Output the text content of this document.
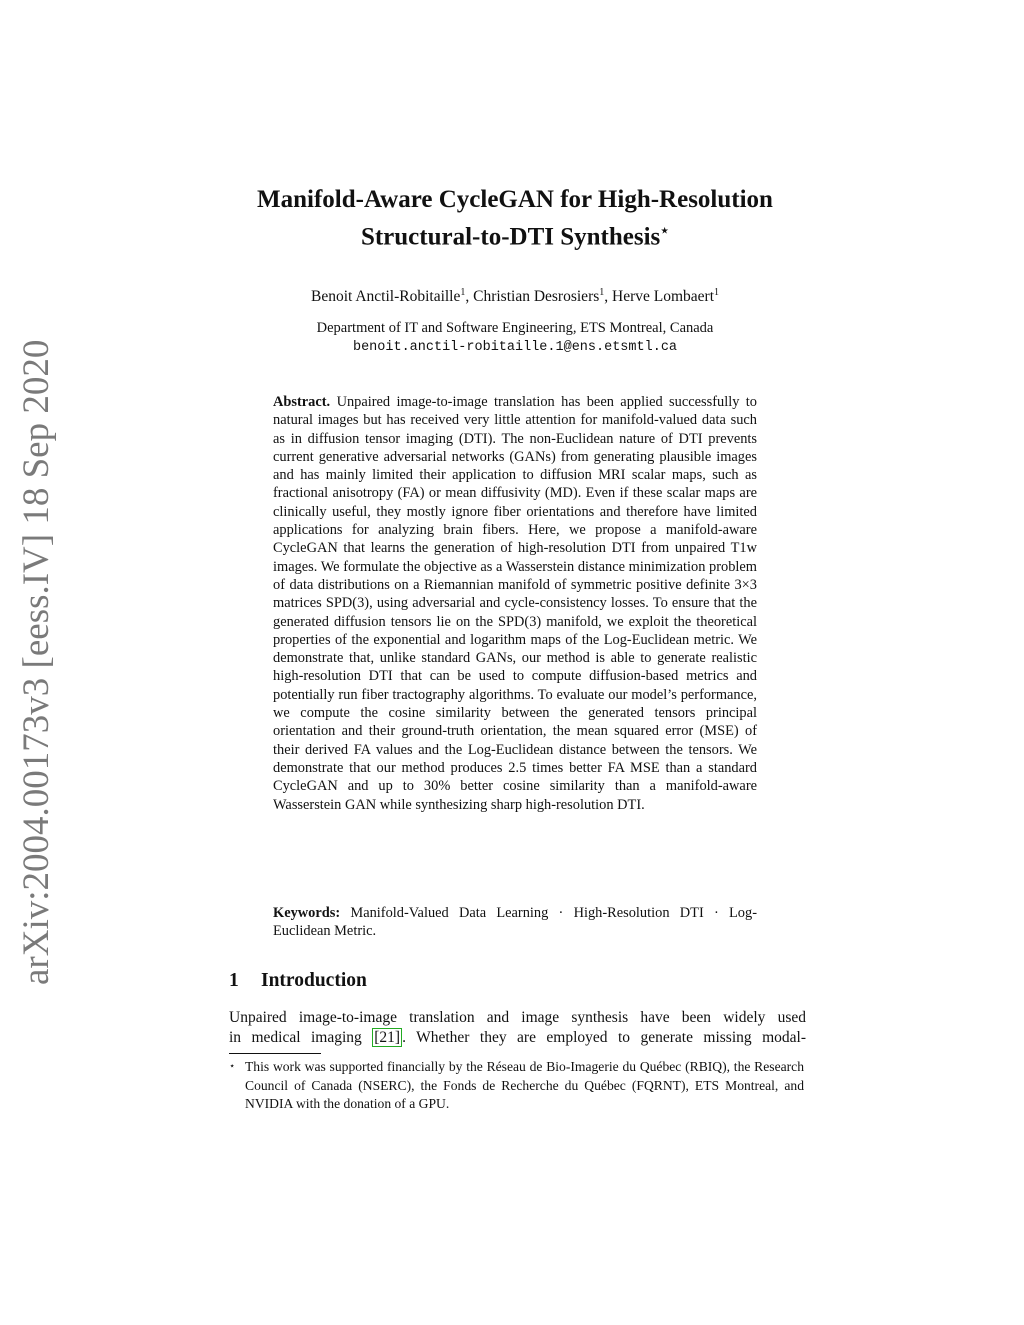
arXiv:2004.00173v3 [eess.IV] 18 Sep 2020
Manifold-Aware CycleGAN for High-Resolution
Structural-to-DTI Synthesis⋆
Benoit Anctil-Robitaille$^1$, Christian Desrosiers$^1$, Herve Lombaert$^1$
Department of IT and Software Engineering, ETS Montreal, Canada
benoit.anctil-robitaille.1@ens.etsmtl.ca
Abstract. Unpaired image-to-image translation has been applied successfully to natural images but has received very little attention for manifold-valued data such as in diffusion tensor imaging (DTI). The non-Euclidean nature of DTI prevents current generative adversarial networks (GANs) from generating plausible images and has mainly limited their application to diffusion MRI scalar maps, such as fractional anisotropy (FA) or mean diffusivity (MD). Even if these scalar maps are clinically useful, they mostly ignore fiber orientations and therefore have limited applications for analyzing brain fibers. Here, we propose a manifold-aware CycleGAN that learns the generation of high-resolution DTI from unpaired T1w images. We formulate the objective as a Wasserstein distance minimization problem of data distributions on a Riemannian manifold of symmetric positive definite 3×3 matrices SPD(3), using adversarial and cycle-consistency losses. To ensure that the generated diffusion tensors lie on the SPD(3) manifold, we exploit the theoretical properties of the exponential and logarithm maps of the Log-Euclidean metric. We demonstrate that, unlike standard GANs, our method is able to generate realistic high-resolution DTI that can be used to compute diffusion-based metrics and potentially run fiber tractography algorithms. To evaluate our model’s performance, we compute the cosine similarity between the generated tensors principal orientation and their ground-truth orientation, the mean squared error (MSE) of their derived FA values and the Log-Euclidean distance between the tensors. We demonstrate that our method produces 2.5 times better FA MSE than a standard CycleGAN and up to 30% better cosine similarity than a manifold-aware Wasserstein GAN while synthesizing sharp high-resolution DTI.
Keywords: Manifold-Valued Data Learning · High-Resolution DTI · Log-Euclidean Metric.
1 Introduction
Unpaired image-to-image translation and image synthesis have been widely used
in medical imaging [21] . Whether they are employed to generate missing modal-
⋆ This work was supported financially by the Réseau de Bio-Imagerie du Québec (RBIQ), the Research Council of Canada (NSERC), the Fonds de Recherche du Québec (FQRNT), ETS Montreal, and NVIDIA with the donation of a GPU.
